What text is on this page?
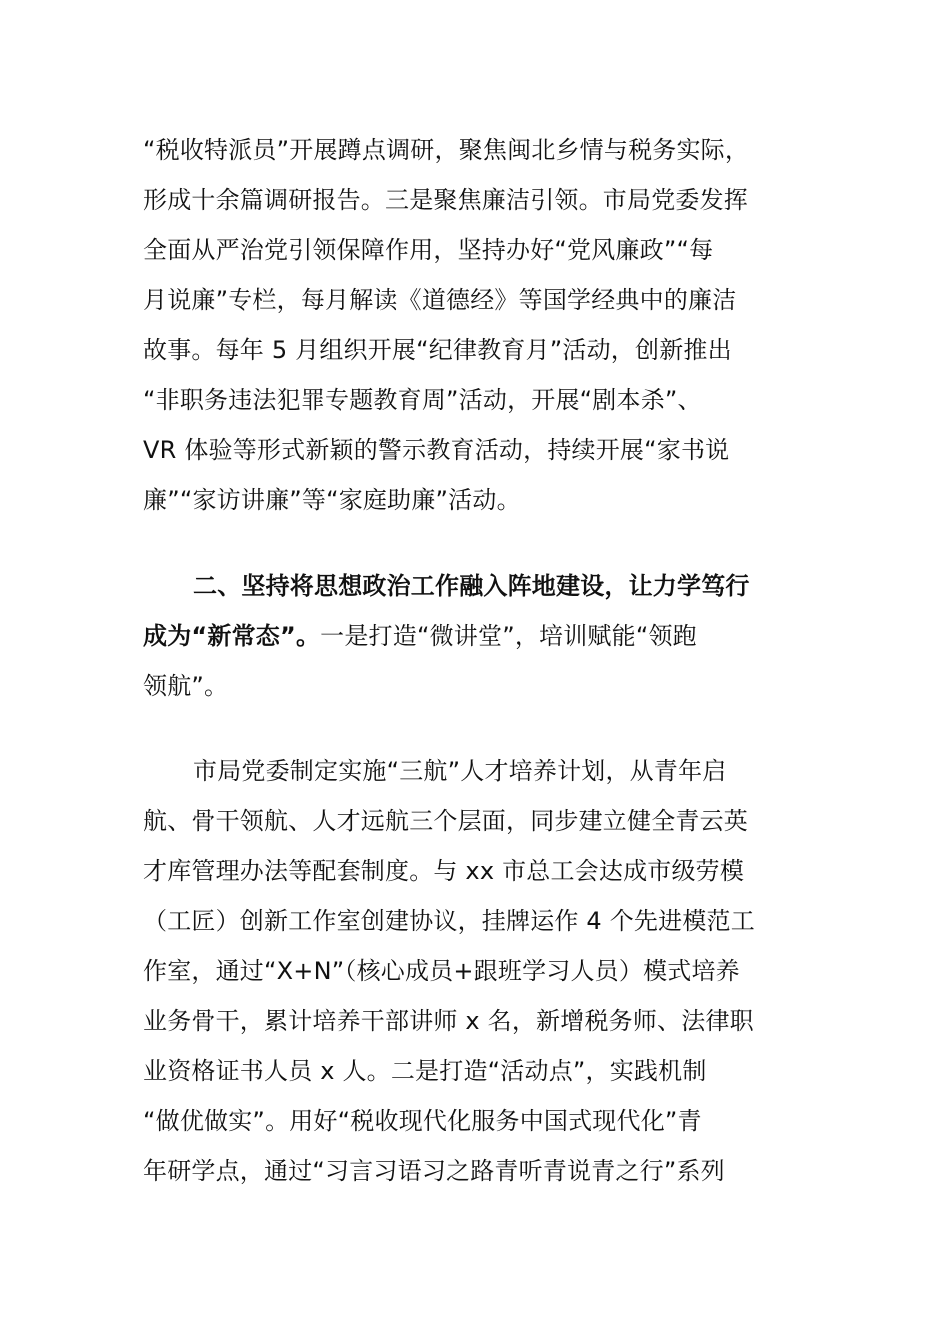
“税收特派员”开展蹲点调研，聚焦闽北乡情与税务实际，
形成十余篇调研报告。三是聚焦廉洁引领。市局党委发挥
全面从严治党引领保障作用，坚持办好“党风廉政”“每
月说廉”专栏，每月解读《道德经》等国学经典中的廉洁
故事。每年 5 月组织开展“纪律教育月”活动，创新推出
“非职务违法犯罪专题教育周”活动，开展“剧本杀”、
VR 体验等形式新颖的警示教育活动，持续开展“家书说
廉”“家访讲廉”等“家庭助廉”活动。
二、坚持将思想政治工作融入阵地建设，让力学笃行
成为“新常态”。一是打造“微讲堂”，培训赋能“领跑
领航”。
市局党委制定实施“三航”人才培养计划，从青年启
航、骨干领航、人才远航三个层面，同步建立健全青云英
才库管理办法等配套制度。与 xx 市总工会达成市级劳模
（工匠）创新工作室创建协议，挂牌运作 4 个先进模范工
作室，通过“X+N”（核心成员+跟班学习人员）模式培养
业务骨干，累计培养干部讲师 x 名，新增税务师、法律职
业资格证书人员 x 人。二是打造“活动点”，实践机制
“做优做实”。用好“税收现代化服务中国式现代化”青
年研学点，通过“习言习语习之路青听青说青之行”系列
